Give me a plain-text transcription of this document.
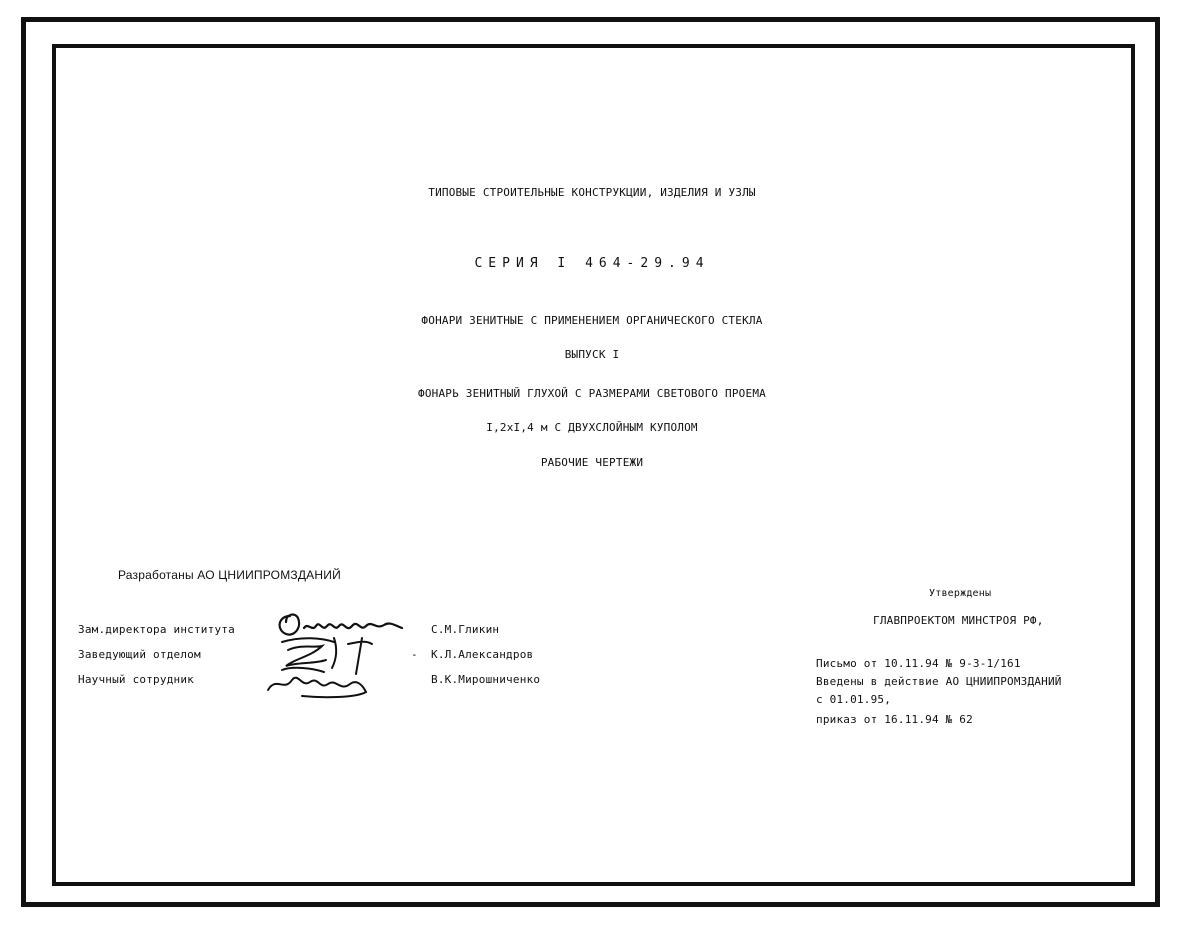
ТИПОВЫЕ СТРОИТЕЛЬНЫЕ КОНСТРУКЦИИ, ИЗДЕЛИЯ И УЗЛЫ
СЕРИЯ I 464-29.94
ФОНАРИ ЗЕНИТНЫЕ С ПРИМЕНЕНИЕМ ОРГАНИЧЕСКОГО СТЕКЛА
ВЫПУСК I
ФОНАРЬ ЗЕНИТНЫЙ ГЛУХОЙ С РАЗМЕРАМИ СВЕТОВОГО ПРОЕМА
I,2хI,4 м С ДВУХСЛОЙНЫМ КУПОЛОМ
РАБОЧИЕ ЧЕРТЕЖИ
Разработаны АО ЦНИИПРОМЗДАНИЙ
Зам.директора института
Заведующий отделом
Научный сотрудник
С.М.Гликин
- К.Л.Александров
В.К.Мирошниченко
Утверждены
ГЛАВПРОЕКТОМ МИНСТРОЯ РФ,
Письмо от 10.11.94 № 9-3-1/161
Введены в действие АО ЦНИИПРОМЗДАНИЙ
с 01.01.95,
приказ от 16.11.94 № 62
